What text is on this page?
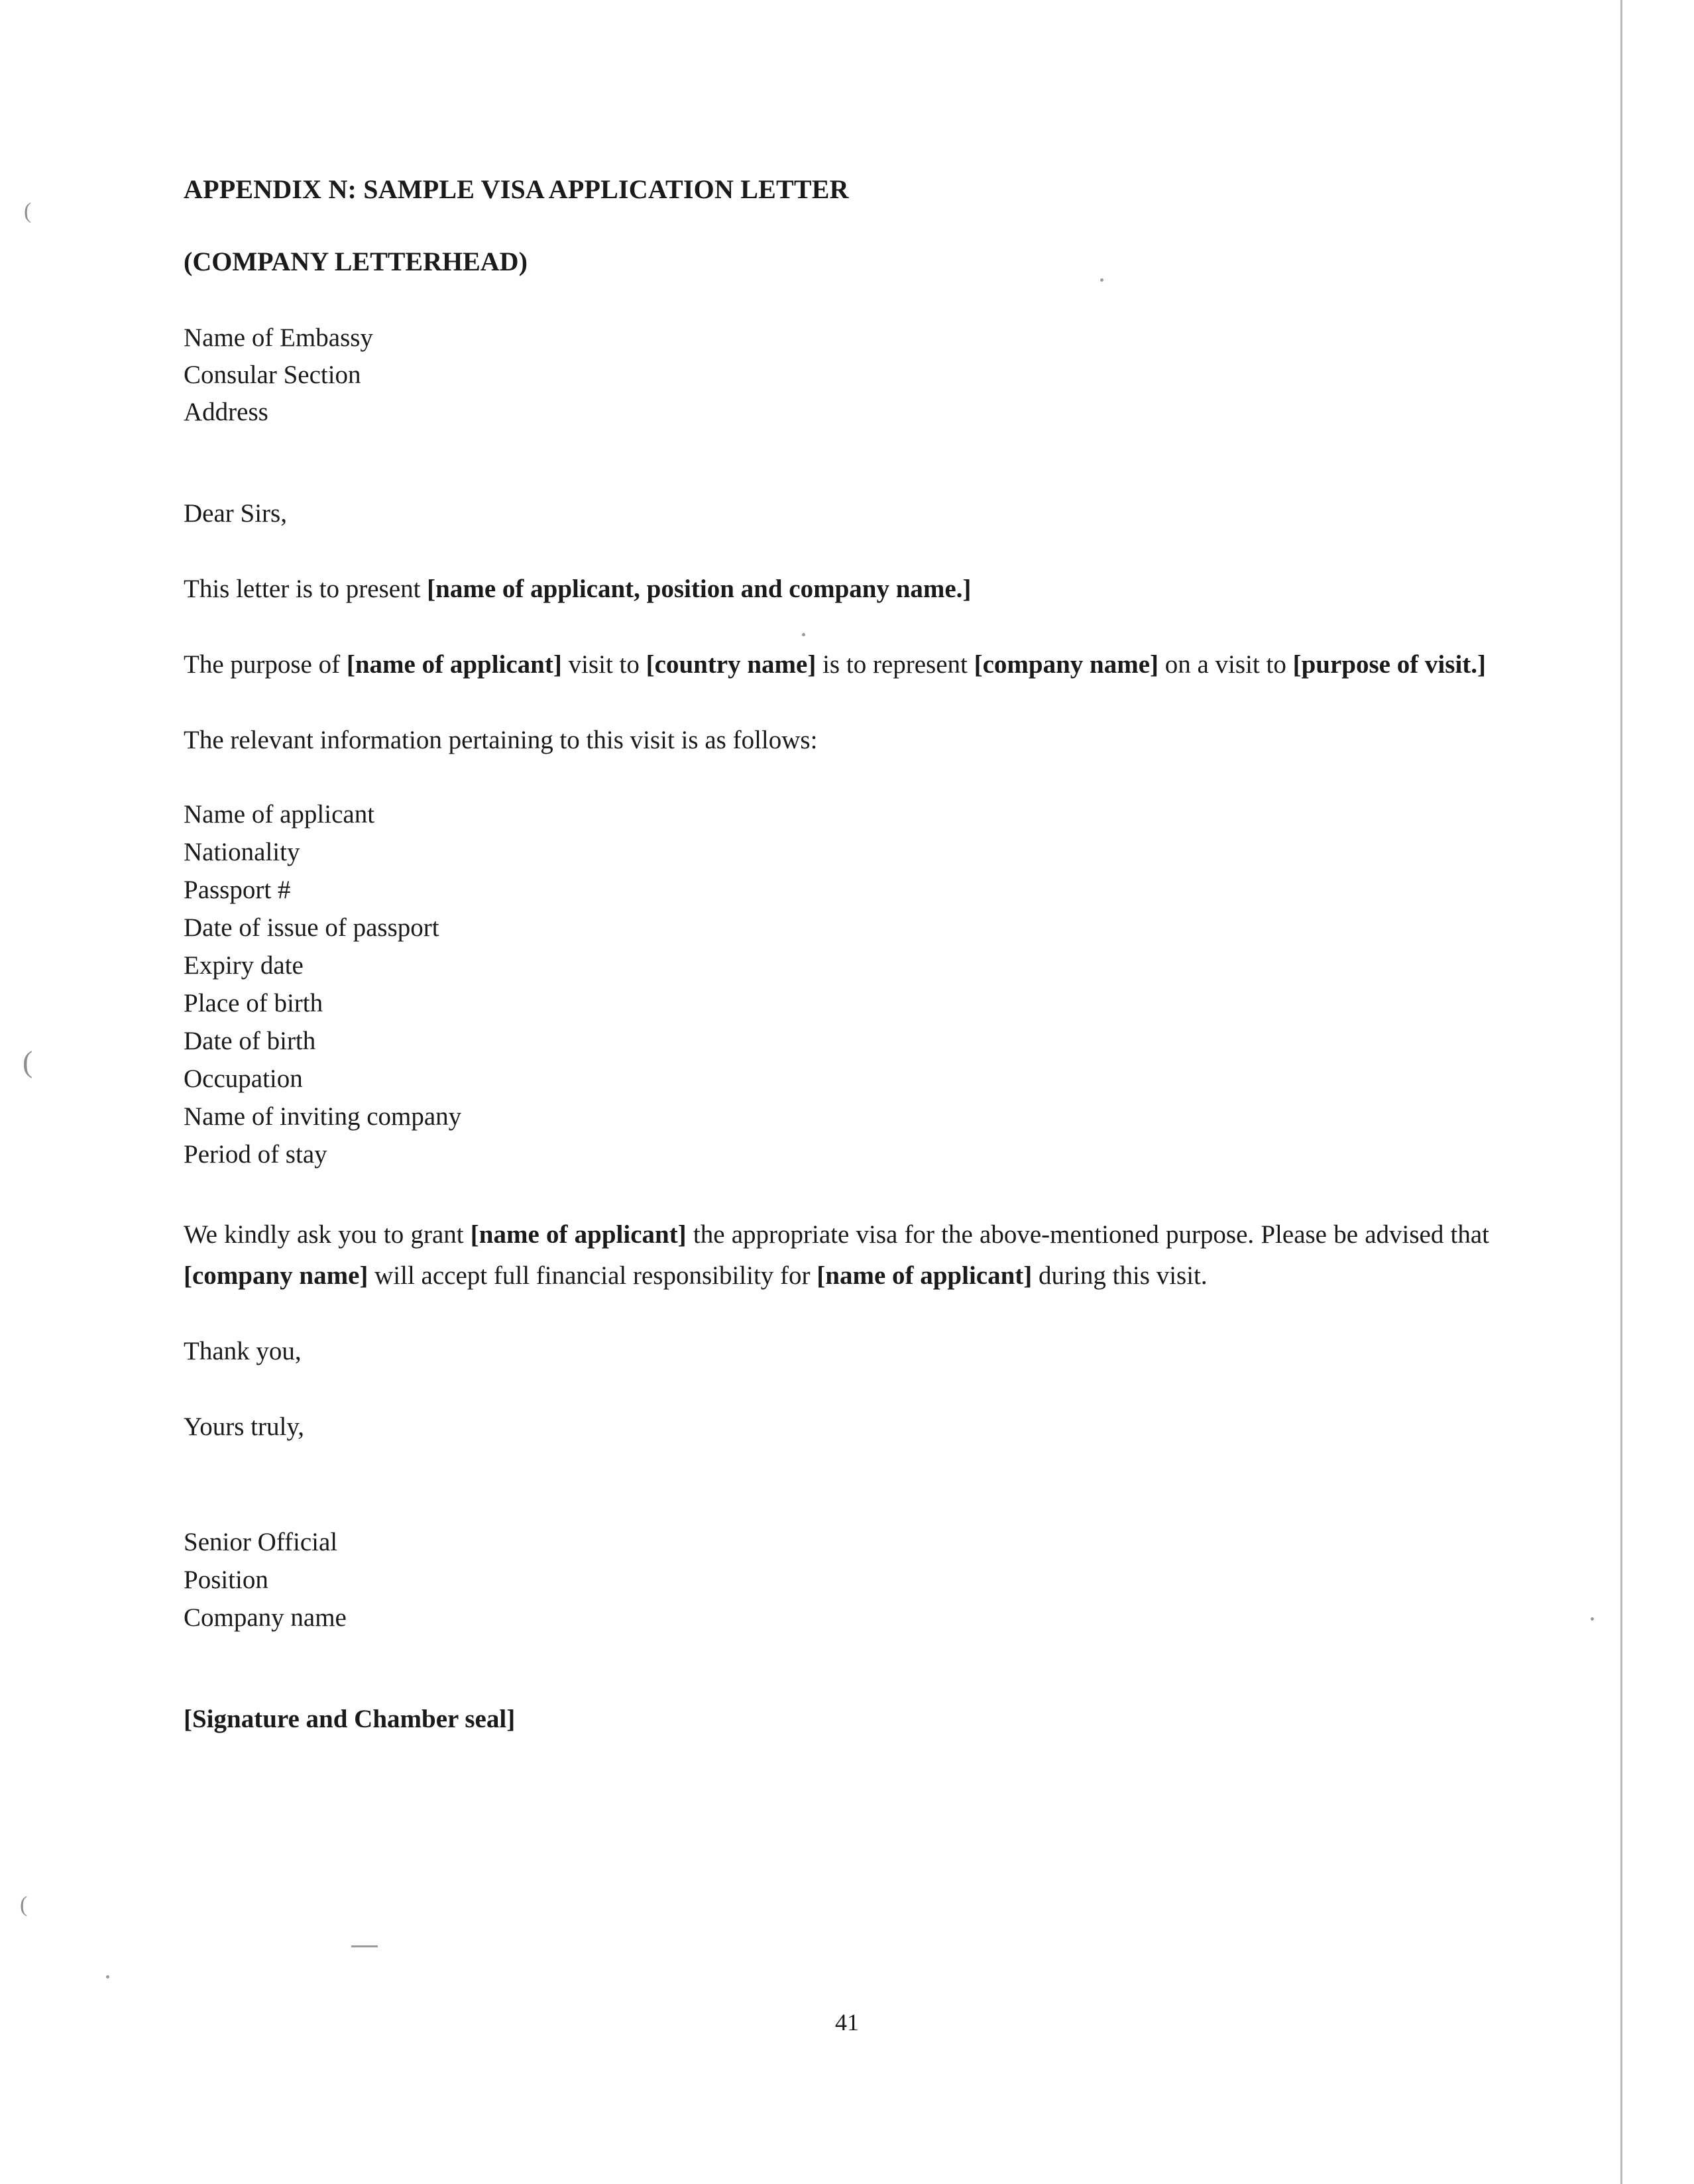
(
(
(
APPENDIX N: SAMPLE VISA APPLICATION LETTER
(COMPANY LETTERHEAD)
Name of Embassy
Consular Section
Address
Dear Sirs,
This letter is to present [name of applicant, position and company name.]
The purpose of [name of applicant] visit to [country name] is to represent [company name] on a visit to [purpose of visit.]
The relevant information pertaining to this visit is as follows:
Name of applicant
Nationality
Passport #
Date of issue of passport
Expiry date
Place of birth
Date of birth
Occupation
Name of inviting company
Period of stay
We kindly ask you to grant [name of applicant] the appropriate visa for the above-mentioned purpose. Please be advised that [company name] will accept full financial responsibility for [name of applicant] during this visit.
Thank you,
Yours truly,
Senior Official
Position
Company name
[Signature and Chamber seal]
41
